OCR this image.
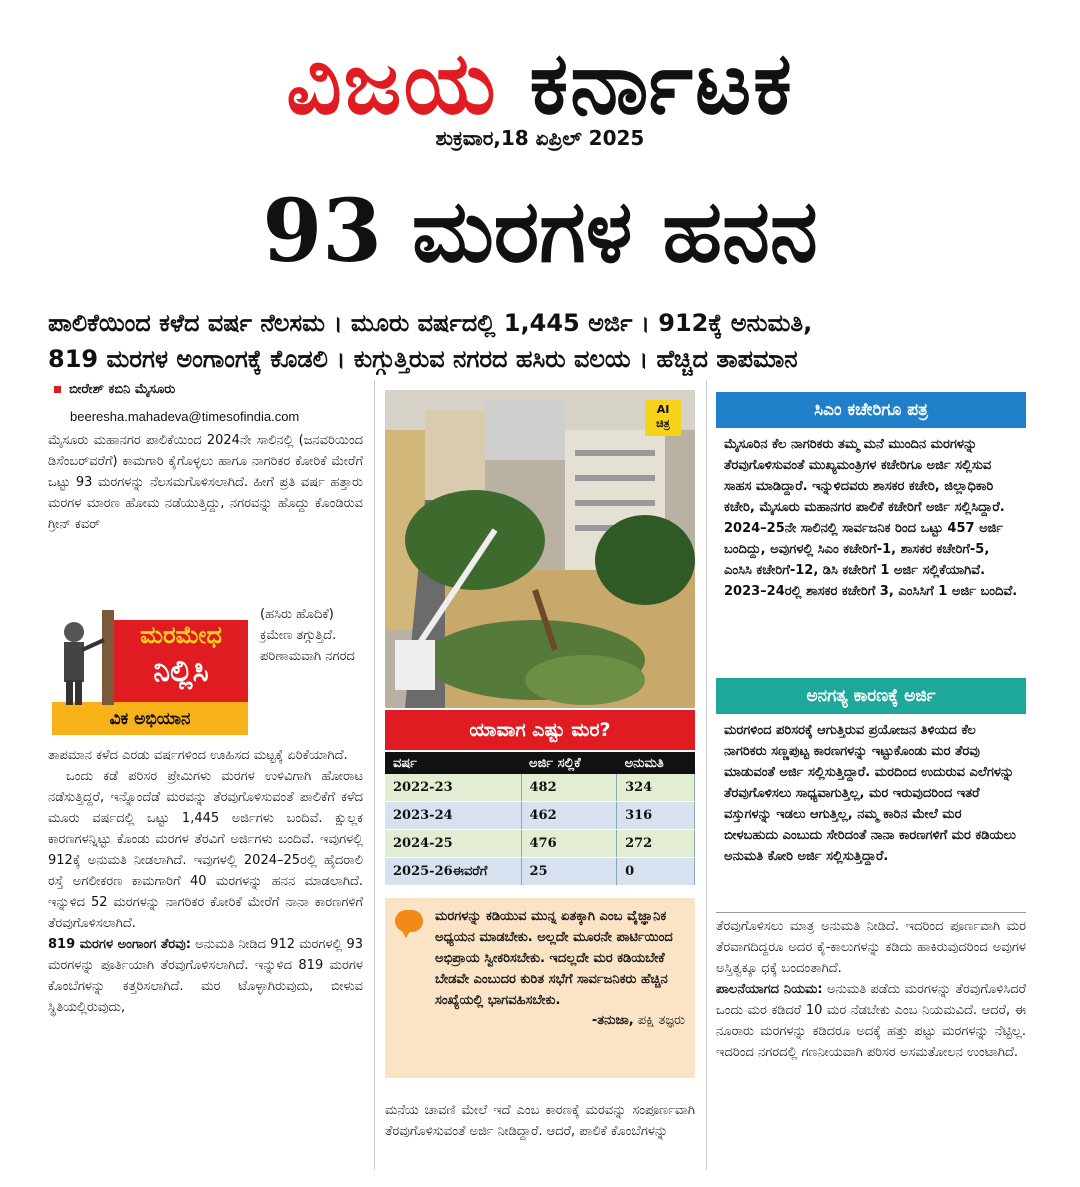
ವಿಜಯ ಕರ್ನಾಟಕ
ಶುಕ್ರವಾರ,18 ಏಪ್ರಿಲ್ 2025
93 ಮರಗಳ ಹನನ
ಪಾಲಿಕೆಯಿಂದ ಕಳೆದ ವರ್ಷ ನೆಲಸಮ । ಮೂರು ವರ್ಷದಲ್ಲಿ 1,445 ಅರ್ಜಿ । 912ಕ್ಕೆ ಅನುಮತಿ,
819 ಮರಗಳ ಅಂಗಾಂಗಕ್ಕೆ ಕೊಡಲಿ । ಕುಗ್ಗುತ್ತಿರುವ ನಗರದ ಹಸಿರು ವಲಯ । ಹೆಚ್ಚಿದ ತಾಪಮಾನ
ಬೀರೇಶ್ ಕಬಿನಿ ಮೈಸೂರು
beeresha.mahadeva@timesofindia.com

ಮೈಸೂರು ಮಹಾನಗರ ಪಾಲಿಕೆಯಿಂದ 2024ನೇ ಸಾಲಿನಲ್ಲಿ (ಜನವರಿಯಿಂದ ಡಿಸೆಂಬರ್‌ವರೆಗೆ) ಕಾಮಗಾರಿ ಕೈಗೊಳ್ಳಲು ಹಾಗೂ ನಾಗರಿಕರ ಕೋರಿಕೆ ಮೇರೆಗೆ ಒಟ್ಟು 93 ಮರಗಳನ್ನು ನೆಲಸಮಗೊಳಿಸಲಾಗಿದೆ. ಹೀಗೆ ಪ್ರತಿ ವರ್ಷ ಹತ್ತಾರು ಮರಗಳ ಮಾರಣ ಹೋಮ ನಡೆಯುತ್ತಿದ್ದು, ನಗರವನ್ನು ಹೊದ್ದು ಕೊಂಡಿರುವ ಗ್ರೀನ್ ಕವರ್

(ಹಸಿರು ಹೊದಿಕೆ) ಕ್ರಮೇಣ ತಗ್ಗುತ್ತಿದೆ. ಪರಿಣಾಮವಾಗಿ ನಗರದ

ತಾಪಮಾನ ಕಳೆದ ಎರಡು ವರ್ಷಗಳಿಂದ ಊಹಿಸದ ಮಟ್ಟಕ್ಕೆ ಏರಿಕೆಯಾಗಿದೆ.

ಒಂದು ಕಡೆ ಪರಿಸರ ಪ್ರೇಮಿಗಳು ಮರಗಳ ಉಳಿವಿಗಾಗಿ ಹೋರಾಟ ನಡೆಸುತ್ತಿದ್ದರೆ, ಇನ್ನೊಂದೆಡೆ ಮರವನ್ನು ತೆರವುಗೊಳಿಸುವಂತೆ ಪಾಲಿಕೆಗೆ ಕಳೆದ ಮೂರು ವರ್ಷದಲ್ಲಿ ಒಟ್ಟು 1,445 ಅರ್ಜಿಗಳು ಬಂದಿವೆ. ಕ್ಷುಲ್ಲಕ ಕಾರಣಗಳನ್ನಿಟ್ಟು ಕೊಂಡು ಮರಗಳ ತೆರವಿಗೆ ಅರ್ಜಿಗಳು ಬಂದಿವೆ. ಇವುಗಳಲ್ಲಿ 912ಕ್ಕೆ ಅನುಮತಿ ನೀಡಲಾಗಿದೆ. ಇವುಗಳಲ್ಲಿ 2024–25ರಲ್ಲಿ ಹೈದರಾಲಿ ರಸ್ತೆ ಅಗಲೀಕರಣ ಕಾಮಗಾರಿಗೆ 40 ಮರಗಳನ್ನು ಹನನ ಮಾಡಲಾಗಿದೆ. ಇನ್ನುಳಿದ 52 ಮರಗಳನ್ನು ನಾಗರಿಕರ ಕೋರಿಕೆ ಮೇರೆಗೆ ನಾನಾ ಕಾರಣಗಳಿಗೆ ತೆರವುಗೊಳಿಸಲಾಗಿದೆ.

819 ಮರಗಳ ಅಂಗಾಂಗ ತೆರವು: ಅನುಮತಿ ನೀಡಿದ 912 ಮರಗಳಲ್ಲಿ 93 ಮರಗಳನ್ನು ಪೂರ್ತಿಯಾಗಿ ತೆರವುಗೊಳಿಸಲಾಗಿದೆ. ಇನ್ನುಳಿದ 819 ಮರಗಳ ಕೊಂಬೆಗಳನ್ನು ಕತ್ತರಿಸಲಾಗಿದೆ. ಮರ ಟೊಳ್ಳಾಗಿರುವುದು, ಬೀಳುವ ಸ್ಥಿತಿಯಲ್ಲಿರುವುದು,

ಮರಮೇಧ
ನಿಲ್ಲಿಸಿ
ವಿಕ ಅಭಿಯಾನ
AI
ಚಿತ್ರ
ಯಾವಾಗ ಎಷ್ಟು ಮರ?
ವರ್ಷ	ಅರ್ಜಿ ಸಲ್ಲಿಕೆ	ಅನುಮತಿ
2022-23	482	324
2023-24	462	316
2024-25	476	272
2025-26ಈವರೆಗೆ	25	0

ಮರಗಳನ್ನು ಕಡಿಯುವ ಮುನ್ನ ಏತಕ್ಕಾಗಿ ಎಂಬ ವೈಜ್ಞಾನಿಕ ಅಧ್ಯಯನ ಮಾಡಬೇಕು. ಅಲ್ಲದೇ ಮೂರನೇ ಪಾರ್ಟಿಯಿಂದ ಅಭಿಪ್ರಾಯ ಸ್ವೀಕರಿಸಬೇಕು. ಇದಲ್ಲದೇ ಮರ ಕಡಿಯಬೇಕೆ ಬೇಡವೇ ಎಂಬುದರ ಕುರಿತ ಸಭೆಗೆ ಸಾರ್ವಜನಿಕರು ಹೆಚ್ಚಿನ ಸಂಖ್ಯೆಯಲ್ಲಿ ಭಾಗವಹಿಸಬೇಕು.

-ತನುಜಾ, ಪಕ್ಷಿ ತಜ್ಞರು

ಮನೆಯ ಚಾವಣಿ ಮೇಲೆ ಇದೆ ಎಂಬ ಕಾರಣಕ್ಕೆ ಮರವನ್ನು ಸಂಪೂರ್ಣವಾಗಿ ತೆರವುಗೊಳಿಸುವಂತೆ ಅರ್ಜಿ ನೀಡಿದ್ದಾರೆ. ಆದರೆ, ಪಾಲಿಕೆ ಕೊಂಬೆಗಳನ್ನು

ಸಿಎಂ ಕಚೇರಿಗೂ ಪತ್ರ

ಮೈಸೂರಿನ ಕೆಲ ನಾಗರಿಕರು ತಮ್ಮ ಮನೆ ಮುಂದಿನ ಮರಗಳನ್ನು ತೆರವುಗೊಳಿಸುವಂತೆ ಮುಖ್ಯಮಂತ್ರಿಗಳ ಕಚೇರಿಗೂ ಅರ್ಜಿ ಸಲ್ಲಿಸುವ ಸಾಹಸ ಮಾಡಿದ್ದಾರೆ. ಇನ್ನುಳಿದವರು ಶಾಸಕರ ಕಚೇರಿ, ಜಿಲ್ಲಾಧಿಕಾರಿ ಕಚೇರಿ, ಮೈಸೂರು ಮಹಾನಗರ ಪಾಲಿಕೆ ಕಚೇರಿಗೆ ಅರ್ಜಿ ಸಲ್ಲಿಸಿದ್ದಾರೆ. 2024–25ನೇ ಸಾಲಿನಲ್ಲಿ ಸಾರ್ವಜನಿಕ ರಿಂದ ಒಟ್ಟು 457 ಅರ್ಜಿ ಬಂದಿದ್ದು, ಅವುಗಳಲ್ಲಿ ಸಿಎಂ ಕಚೇರಿಗೆ-1, ಶಾಸಕರ ಕಚೇರಿಗೆ-5, ಎಂಸಿಸಿ ಕಚೇರಿಗೆ-12, ಡಿಸಿ ಕಚೇರಿಗೆ 1 ಅರ್ಜಿ ಸಲ್ಲಿಕೆಯಾಗಿವೆ. 2023–24ರಲ್ಲಿ ಶಾಸಕರ ಕಚೇರಿಗೆ 3, ಎಂಸಿಸಿಗೆ 1 ಅರ್ಜಿ ಬಂದಿವೆ.

ಅನಗತ್ಯ ಕಾರಣಕ್ಕೆ ಅರ್ಜಿ

ಮರಗಳಿಂದ ಪರಿಸರಕ್ಕೆ ಆಗುತ್ತಿರುವ ಪ್ರಯೋಜನ ತಿಳಿಯದ ಕೆಲ ನಾಗರಿಕರು ಸಣ್ಣಪುಟ್ಟ ಕಾರಣಗಳನ್ನು ಇಟ್ಟುಕೊಂಡು ಮರ ತೆರವು ಮಾಡುವಂತೆ ಅರ್ಜಿ ಸಲ್ಲಿಸುತ್ತಿದ್ದಾರೆ. ಮರದಿಂದ ಉದುರುವ ಎಲೆಗಳನ್ನು ತೆರವುಗೊಳಿಸಲು ಸಾಧ್ಯವಾಗುತ್ತಿಲ್ಲ, ಮರ ಇರುವುದರಿಂದ ಇತರೆ ವಸ್ತುಗಳನ್ನು ಇಡಲು ಆಗುತ್ತಿಲ್ಲ, ನಮ್ಮ ಕಾರಿನ ಮೇಲೆ ಮರ ಬೀಳಬಹುದು ಎಂಬುದು ಸೇರಿದಂತೆ ನಾನಾ ಕಾರಣಗಳಿಗೆ ಮರ ಕಡಿಯಲು ಅನುಮತಿ ಕೋರಿ ಅರ್ಜಿ ಸಲ್ಲಿಸುತ್ತಿದ್ದಾರೆ.

ತೆರವುಗೊಳಿಸಲು ಮಾತ್ರ ಅನುಮತಿ ನೀಡಿದೆ. ಇದರಿಂದ ಪೂರ್ಣವಾಗಿ ಮರ ತೆರವಾಗದಿದ್ದರೂ ಅದರ ಕೈ-ಕಾಲುಗಳನ್ನು ಕಡಿದು ಹಾಕಿರುವುದರಿಂದ ಅವುಗಳ ಅಸ್ತಿತ್ವಕ್ಕೂ ಧಕ್ಕೆ ಬಂದಂತಾಗಿದೆ.

ಪಾಲನೆಯಾಗದ ನಿಯಮ: ಅನುಮತಿ ಪಡೆದು ಮರಗಳನ್ನು ತೆರವುಗೊಳಿಸಿದರೆ ಒಂದು ಮರ ಕಡಿದರೆ 10 ಮರ ನೆಡಬೇಕು ಎಂಬ ನಿಯಮವಿದೆ. ಆದರೆ, ಈ ನೂರಾರು ಮರಗಳನ್ನು ಕಡಿದರೂ ಅದಕ್ಕೆ ಹತ್ತು ಪಟ್ಟು ಮರಗಳನ್ನು ನೆಟ್ಟಿಲ್ಲ. ಇದರಿಂದ ನಗರದಲ್ಲಿ ಗಣನೀಯವಾಗಿ ಪರಿಸರ ಅಸಮತೋಲನ ಉಂಟಾಗಿದೆ.
